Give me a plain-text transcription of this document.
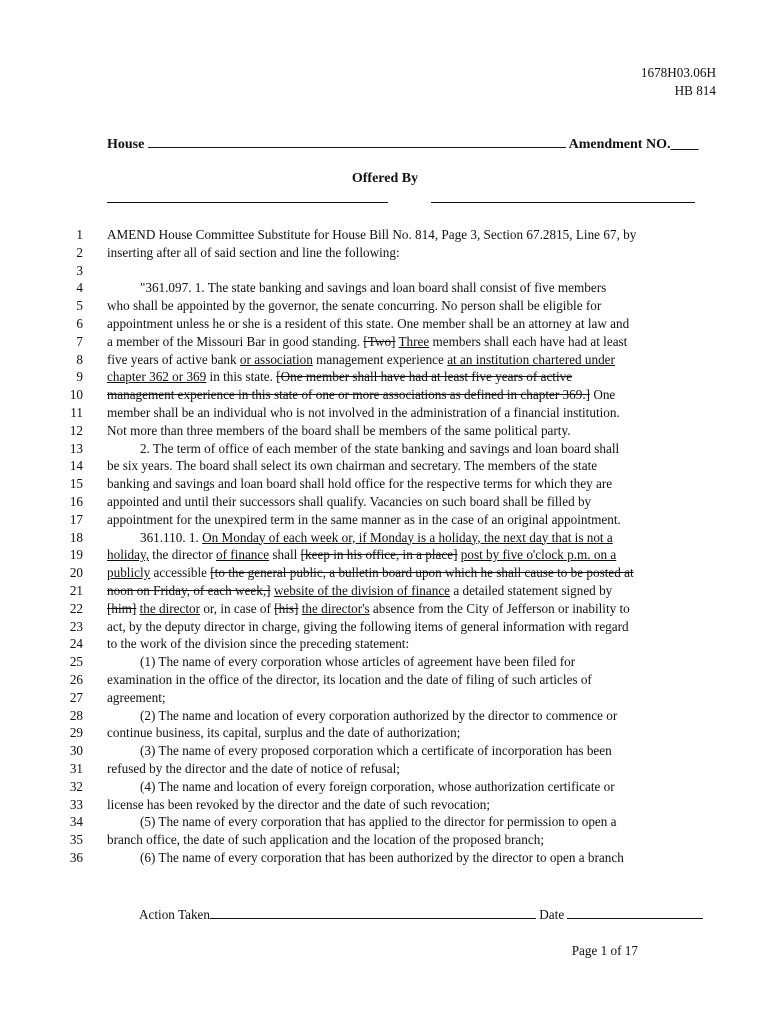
1678H03.06H
HB 814
House	Amendment NO.____
Offered By
1 AMEND House Committee Substitute for House Bill No. 814, Page 3, Section 67.2815, Line 67, by
2 inserting after all of said section and line the following:
3
4 "361.097. 1. The state banking and savings and loan board shall consist of five members
5 who shall be appointed by the governor, the senate concurring. No person shall be eligible for
6 appointment unless he or she is a resident of this state. One member shall be an attorney at law and
7 a member of the Missouri Bar in good standing. [Two] Three members shall each have had at least
8 five years of active bank or association management experience at an institution chartered under
9 chapter 362 or 369 in this state. [One member shall have had at least five years of active
10 management experience in this state of one or more associations as defined in chapter 369.] One
11 member shall be an individual who is not involved in the administration of a financial institution.
12 Not more than three members of the board shall be members of the same political party.
13 2. The term of office of each member of the state banking and savings and loan board shall
14 be six years. The board shall select its own chairman and secretary. The members of the state
15 banking and savings and loan board shall hold office for the respective terms for which they are
16 appointed and until their successors shall qualify. Vacancies on such board shall be filled by
17 appointment for the unexpired term in the same manner as in the case of an original appointment.
18 361.110. 1. On Monday of each week or, if Monday is a holiday, the next day that is not a
19 holiday, the director of finance shall [keep in his office, in a place] post by five o'clock p.m. on a
20 publicly accessible [to the general public, a bulletin board upon which he shall cause to be posted at
21 noon on Friday, of each week,] website of the division of finance a detailed statement signed by
22 [him] the director or, in case of [his] the director's absence from the City of Jefferson or inability to
23 act, by the deputy director in charge, giving the following items of general information with regard
24 to the work of the division since the preceding statement:
25 (1) The name of every corporation whose articles of agreement have been filed for
26 examination in the office of the director, its location and the date of filing of such articles of
27 agreement;
28 (2) The name and location of every corporation authorized by the director to commence or
29 continue business, its capital, surplus and the date of authorization;
30 (3) The name of every proposed corporation which a certificate of incorporation has been
31 refused by the director and the date of notice of refusal;
32 (4) The name and location of every foreign corporation, whose authorization certificate or
33 license has been revoked by the director and the date of such revocation;
34 (5) The name of every corporation that has applied to the director for permission to open a
35 branch office, the date of such application and the location of the proposed branch;
36 (6) The name of every corporation that has been authorized by the director to open a branch
Action Taken	Date
Page 1 of 17
